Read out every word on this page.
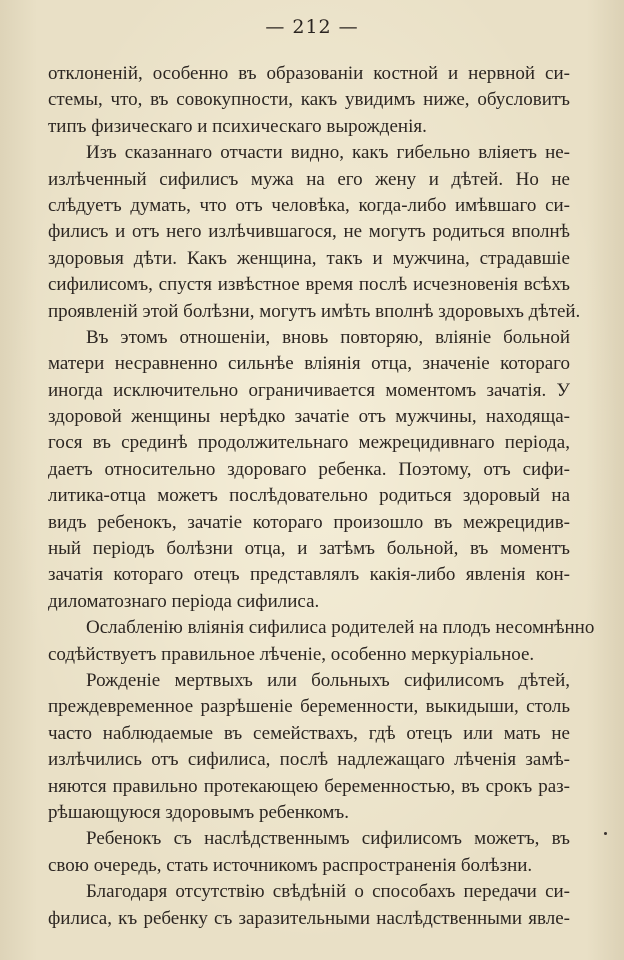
— 212 —
отклоненій, особенно въ образованіи костной и нервной си-
стемы, что, въ совокупности, какъ увидимъ ниже, обусловитъ
типъ физическаго и психическаго вырожденія.
Изъ сказаннаго отчасти видно, какъ гибельно вліяетъ не-
излѣченный сифилисъ мужа на его жену и дѣтей. Но не
слѣдуетъ думать, что отъ человѣка, когда-либо имѣвшаго си-
филисъ и отъ него излѣчившагося, не могутъ родиться вполнѣ
здоровыя дѣти. Какъ женщина, такъ и мужчина, страдавшіе
сифилисомъ, спустя извѣстное время послѣ исчезновенія всѣхъ
проявленій этой болѣзни, могутъ имѣть вполнѣ здоровыхъ дѣтей.
Въ этомъ отношеніи, вновь повторяю, вліяніе больной
матери несравненно сильнѣе вліянія отца, значеніе котораго
иногда исключительно ограничивается моментомъ зачатія. У
здоровой женщины нерѣдко зачатіе отъ мужчины, находяща-
гося въ срединѣ продолжительнаго межрецидивнаго періода,
даетъ относительно здороваго ребенка. Поэтому, отъ сифи-
литика-отца можетъ послѣдовательно родиться здоровый на
видъ ребенокъ, зачатіе котораго произошло въ межрецидив-
ный періодъ болѣзни отца, и затѣмъ больной, въ моментъ
зачатія котораго отецъ представлялъ какія-либо явленія кон-
диломатознаго періода сифилиса.
Ослабленію вліянія сифилиса родителей на плодъ несомнѣнно
содѣйствуетъ правильное лѣченіе, особенно меркуріальное.
Рожденіе мертвыхъ или больныхъ сифилисомъ дѣтей,
преждевременное разрѣшеніе беременности, выкидыши, столь
часто наблюдаемые въ семействахъ, гдѣ отецъ или мать не
излѣчились отъ сифилиса, послѣ надлежащаго лѣченія замѣ-
няются правильно протекающею беременностью, въ срокъ раз-
рѣшающуюся здоровымъ ребенкомъ.
Ребенокъ съ наслѣдственнымъ сифилисомъ можетъ, въ
свою очередь, стать источникомъ распространенія болѣзни.
Благодаря отсутствію свѣдѣній о способахъ передачи си-
филиса, къ ребенку съ заразительными наслѣдственными явле-
